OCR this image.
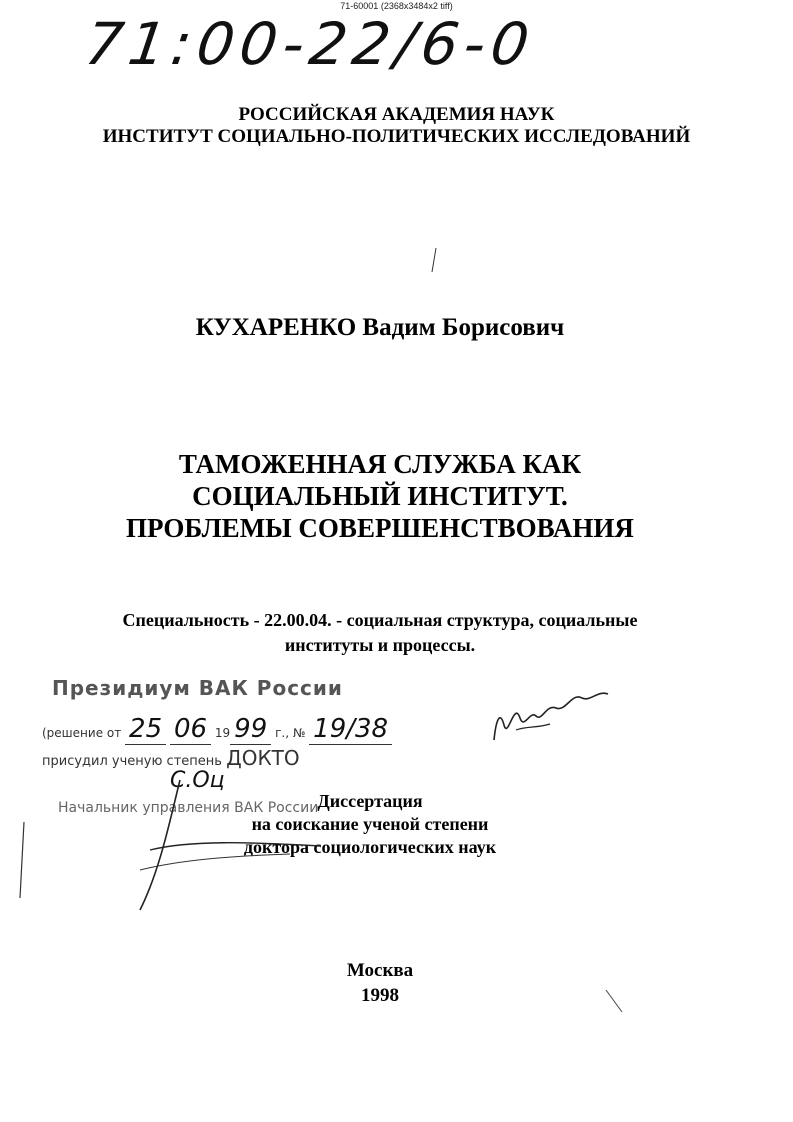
71-60001 (2368x3484x2 tiff)
71:00-22/6-0
РОССИЙСКАЯ АКАДЕМИЯ НАУК
ИНСТИТУТ СОЦИАЛЬНО-ПОЛИТИЧЕСКИХ ИССЛЕДОВАНИЙ
КУХАРЕНКО Вадим Борисович
ТАМОЖЕННАЯ СЛУЖБА КАК
СОЦИАЛЬНЫЙ ИНСТИТУТ.
ПРОБЛЕМЫ СОВЕРШЕНСТВОВАНИЯ
Специальность - 22.00.04. - социальная структура, социальные
институты и процессы.
Президиум ВАК России
(решение от 25 06 19 99 г., № 19/38
присудил ученую степень ДОКТО
С.Оц
Начальник управления ВАК России Диссертация
на соискание ученой степени
доктора социологических наук
Москва
1998
